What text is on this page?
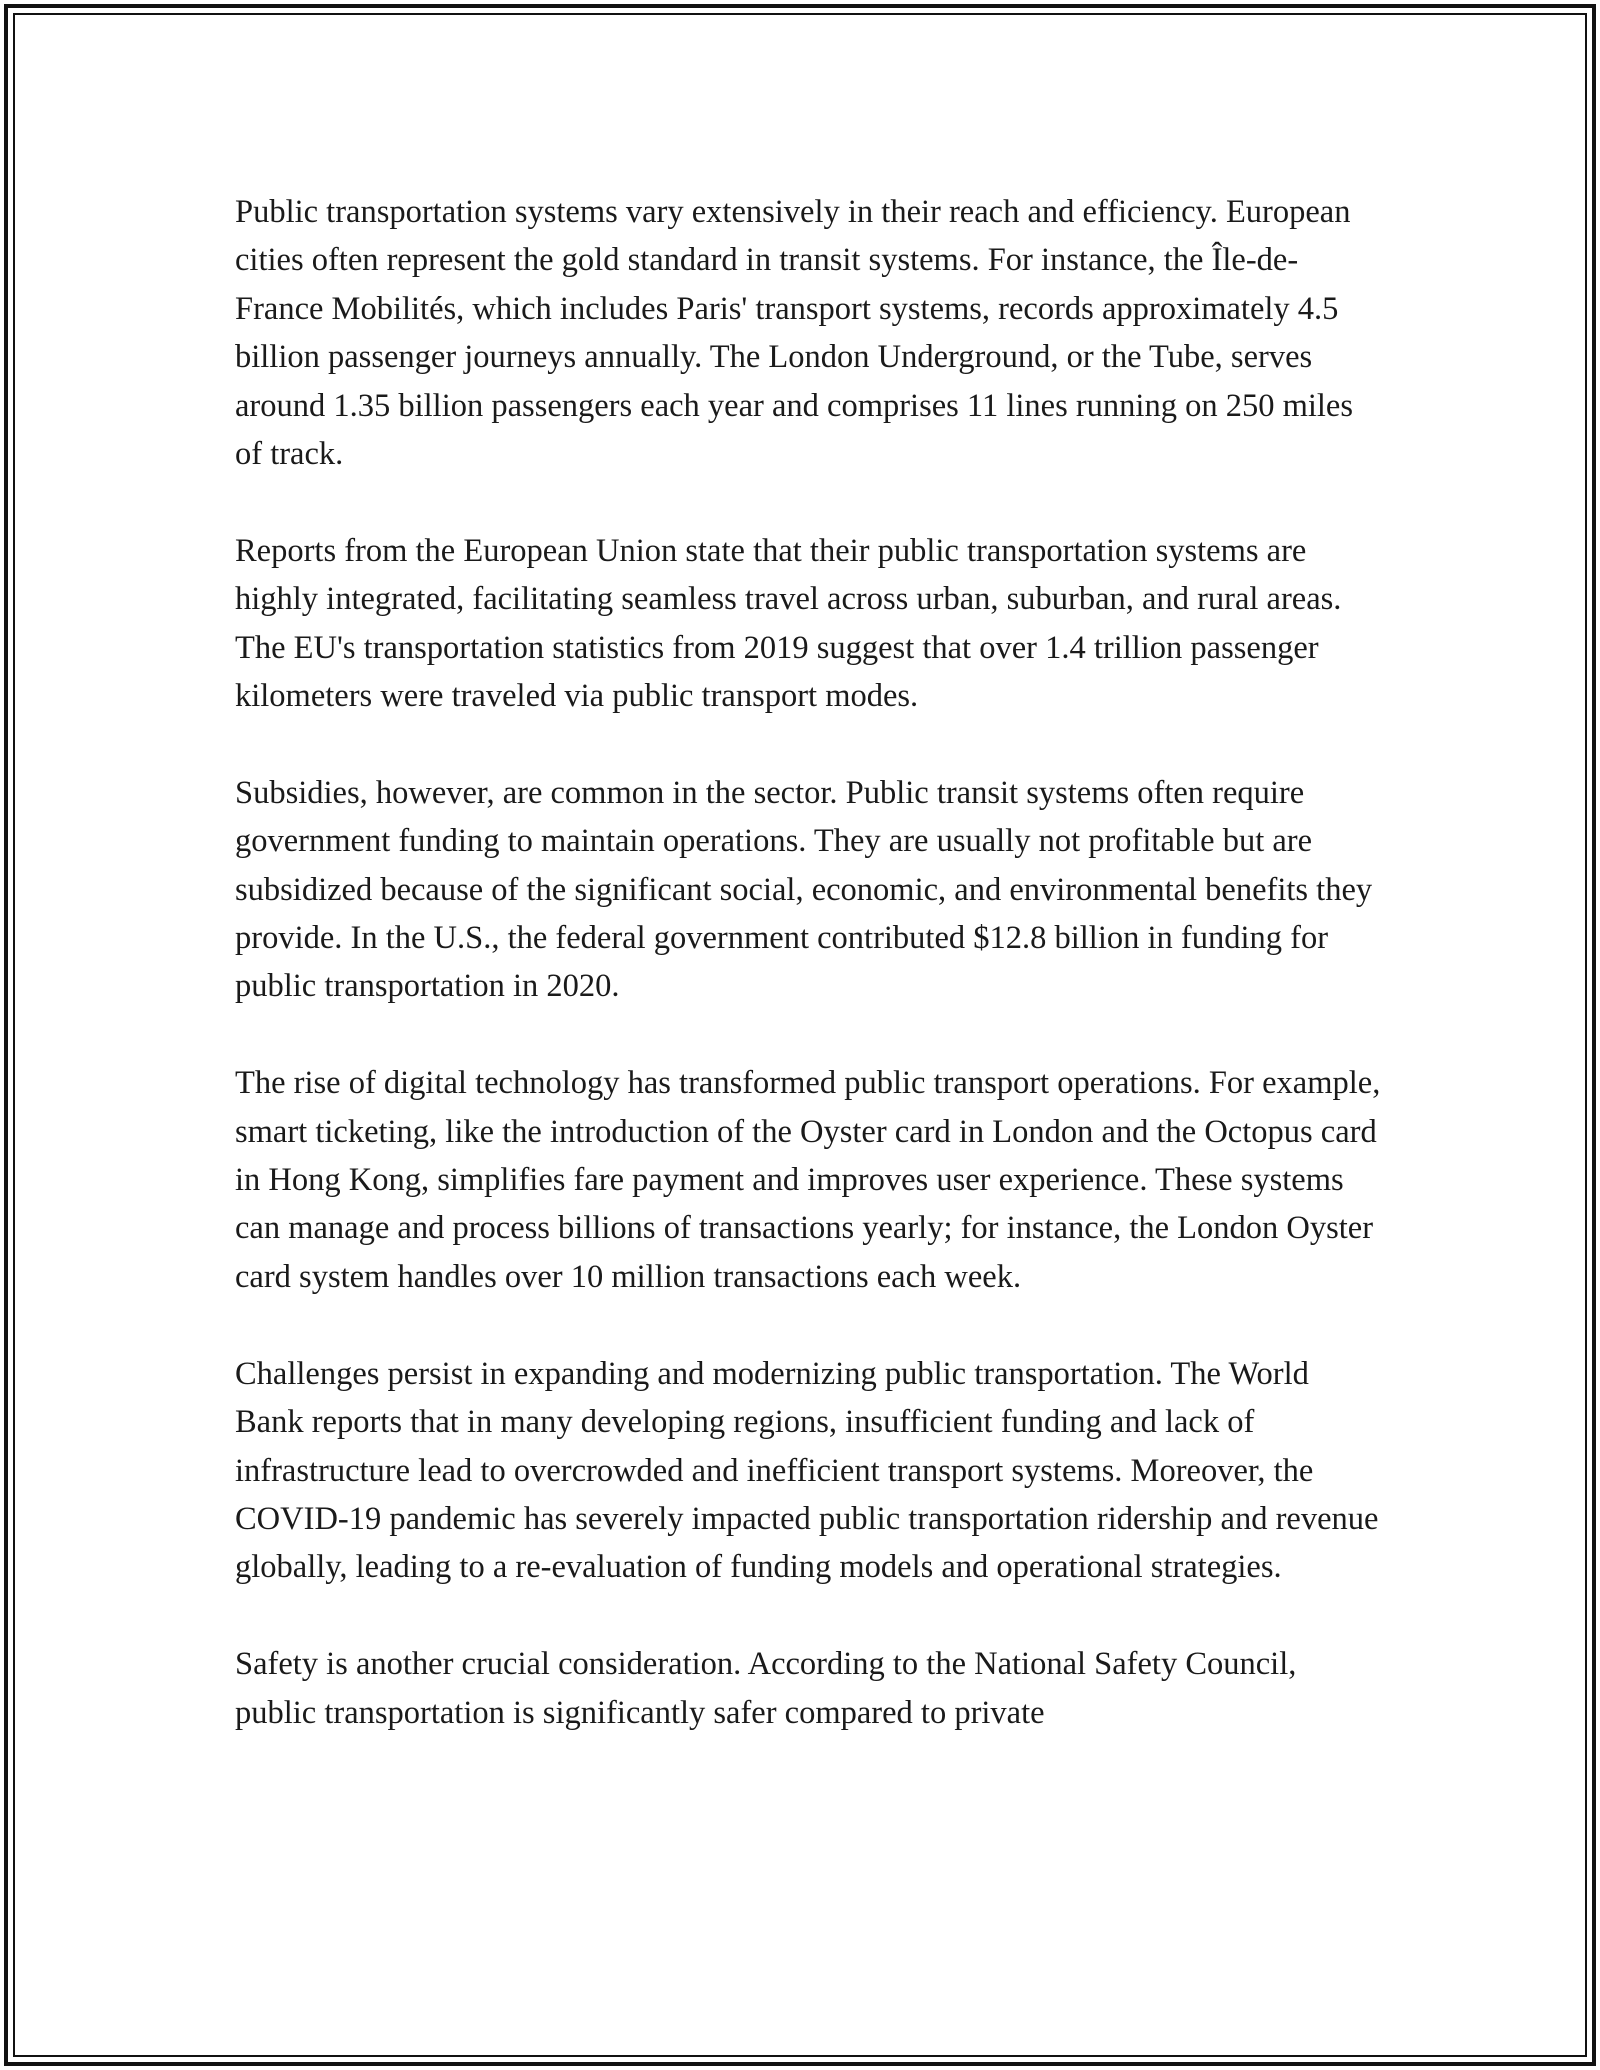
Public transportation systems vary extensively in their reach and efficiency. European cities often represent the gold standard in transit systems. For instance, the Île-de-France Mobilités, which includes Paris' transport systems, records approximately 4.5 billion passenger journeys annually. The London Underground, or the Tube, serves around 1.35 billion passengers each year and comprises 11 lines running on 250 miles of track.

Reports from the European Union state that their public transportation systems are highly integrated, facilitating seamless travel across urban, suburban, and rural areas. The EU's transportation statistics from 2019 suggest that over 1.4 trillion passenger kilometers were traveled via public transport modes.

Subsidies, however, are common in the sector. Public transit systems often require government funding to maintain operations. They are usually not profitable but are subsidized because of the significant social, economic, and environmental benefits they provide. In the U.S., the federal government contributed $12.8 billion in funding for public transportation in 2020.

The rise of digital technology has transformed public transport operations. For example, smart ticketing, like the introduction of the Oyster card in London and the Octopus card in Hong Kong, simplifies fare payment and improves user experience. These systems can manage and process billions of transactions yearly; for instance, the London Oyster card system handles over 10 million transactions each week.

Challenges persist in expanding and modernizing public transportation. The World Bank reports that in many developing regions, insufficient funding and lack of infrastructure lead to overcrowded and inefficient transport systems. Moreover, the COVID-19 pandemic has severely impacted public transportation ridership and revenue globally, leading to a re-evaluation of funding models and operational strategies.

Safety is another crucial consideration. According to the National Safety Council, public transportation is significantly safer compared to private
